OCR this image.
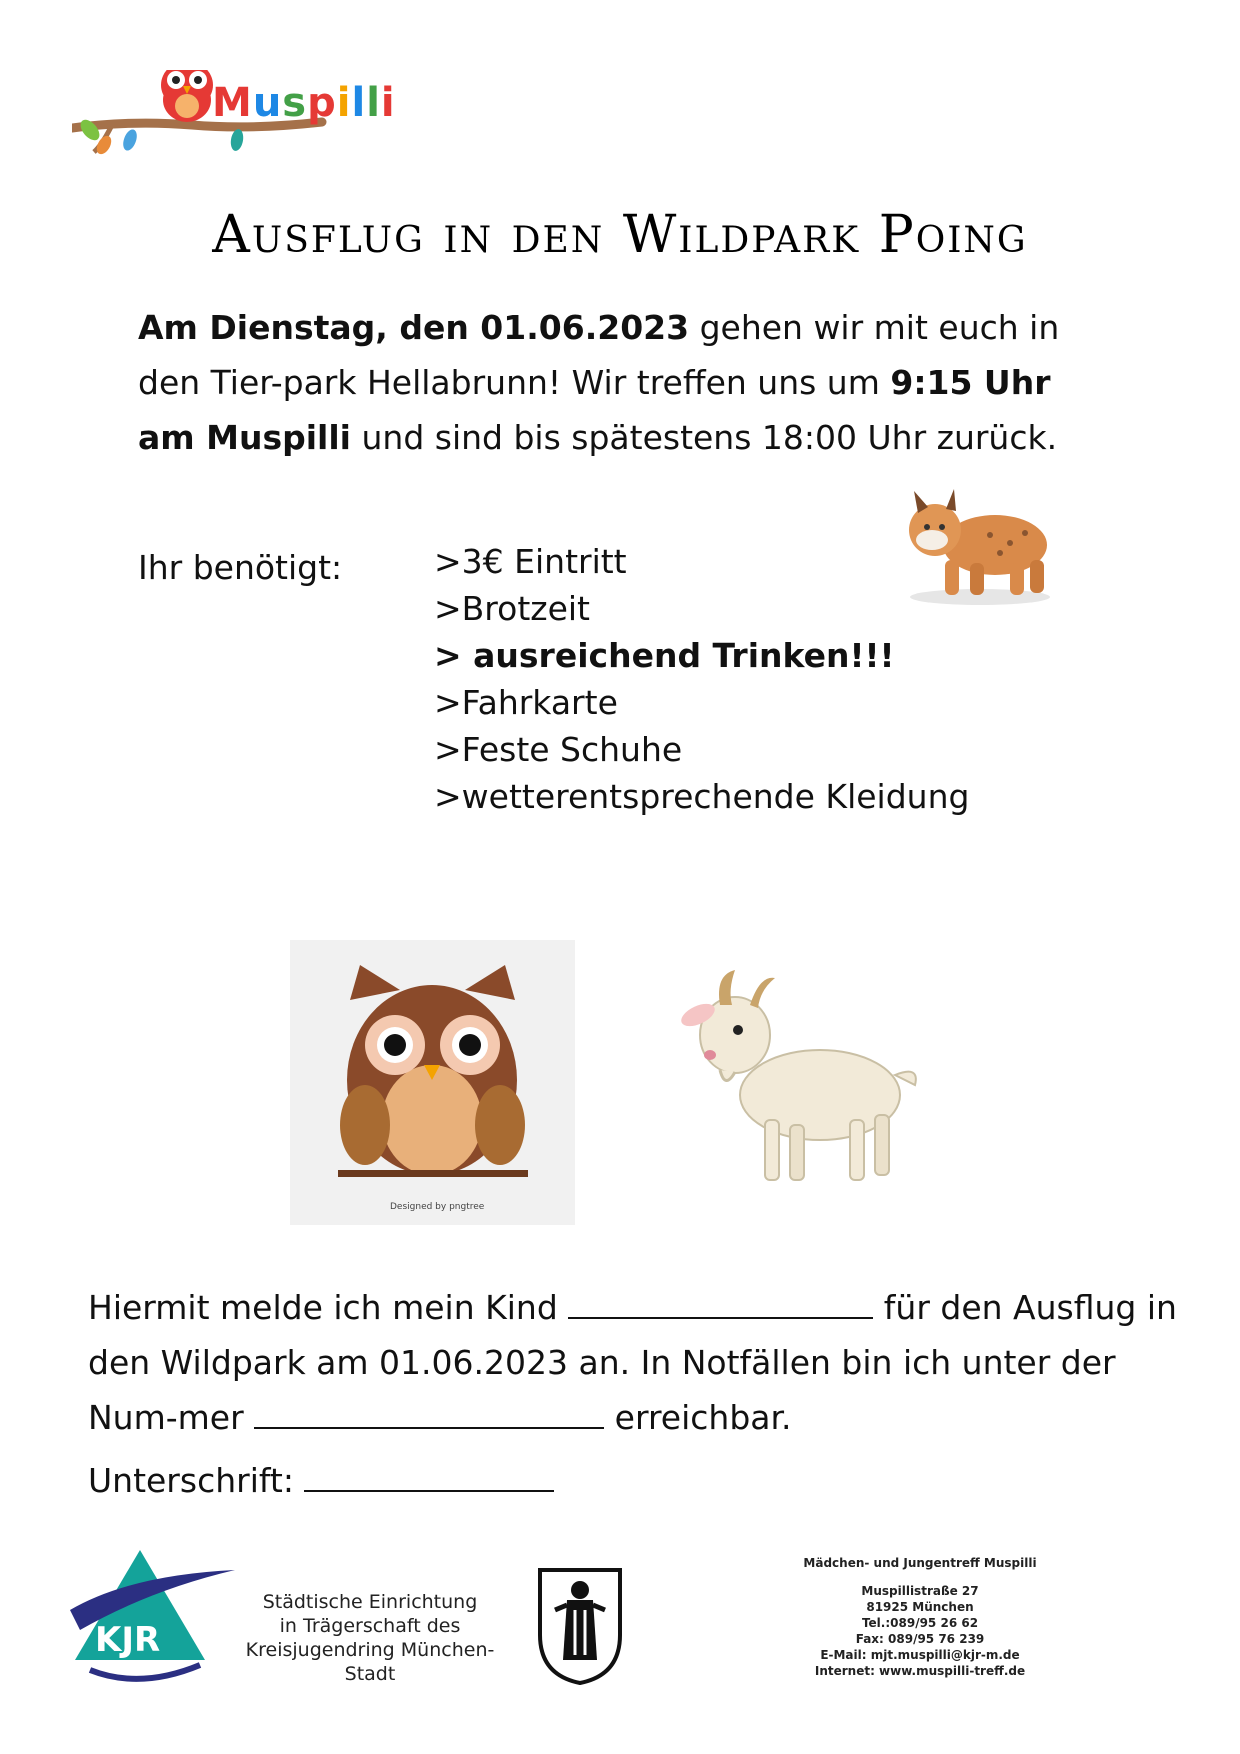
Muspilli
Ausflug in den Wildpark Poing
Am Dienstag, den 01.06.2023 gehen wir mit euch in den Tier-park Hellabrunn! Wir treffen uns um 9:15 Uhr am Muspilli und sind bis spätestens 18:00 Uhr zurück.
Ihr benötigt:	>3€ Eintritt
>Brotzeit
> ausreichend Trinken!!!
>Fahrkarte
>Feste Schuhe
>wetterentsprechende Kleidung
Designed by pngtree
Hiermit melde ich mein Kind	für den Ausflug in den Wildpark am 01.06.2023 an. In Notfällen bin ich unter der Num-mer	erreichbar.
Unterschrift:
KJR
Städtische Einrichtung
in Trägerschaft des
Kreisjugendring München-Stadt
Mädchen- und Jungentreff Muspilli
Muspillistraße 27
81925 München
Tel.:089/95 26 62
Fax: 089/95 76 239
E-Mail: mjt.muspilli@kjr-m.de
Internet: www.muspilli-treff.de
